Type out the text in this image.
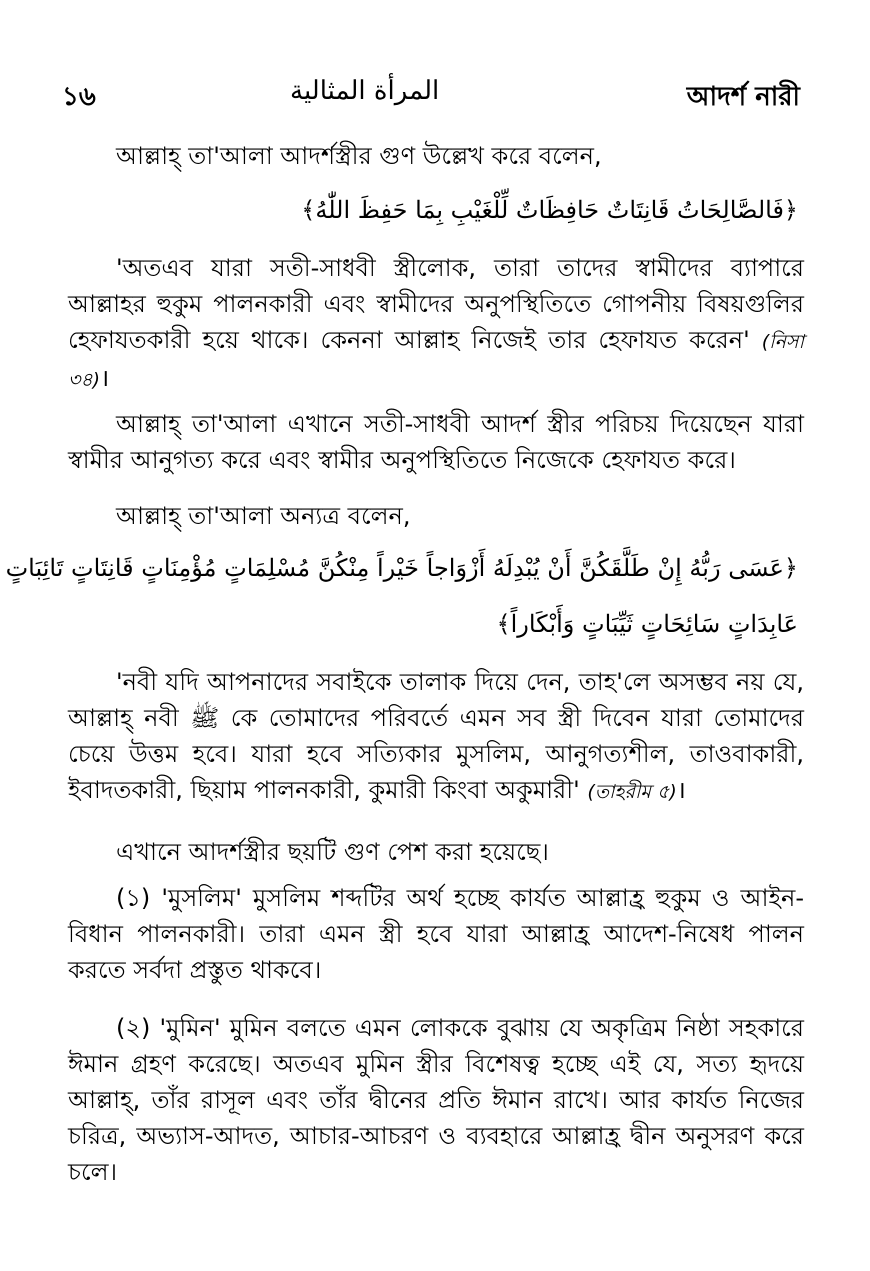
১৬	المرأة المثالية	আদর্শ নারী
আল্লাহ্ তা'আলা আদর্শস্ত্রীর গুণ উল্লেখ করে বলেন,
﴿فَالصَّالِحَاتُ قَانِتَاتٌ حَافِظَاتٌ لِّلْغَيْبِ بِمَا حَفِظَ اللّٰهُ﴾
'অতএব যারা সতী-সাধবী স্ত্রীলোক, তারা তাদের স্বামীদের ব্যাপারে আল্লাহর হুকুম পালনকারী এবং স্বামীদের অনুপস্থিতিতে গোপনীয় বিষয়গুলির হেফাযতকারী হয়ে থাকে। কেননা আল্লাহ নিজেই তার হেফাযত করেন' (নিসা ৩৪)।
আল্লাহ্ তা'আলা এখানে সতী-সাধবী আদর্শ স্ত্রীর পরিচয় দিয়েছেন যারা স্বামীর আনুগত্য করে এবং স্বামীর অনুপস্থিতিতে নিজেকে হেফাযত করে।
আল্লাহ্ তা'আলা অন্যত্র বলেন,
﴿عَسَى رَبُّهُ إِنْ طَلَّقَكُنَّ أَنْ يُبْدِلَهُ أَزْوَاجاً خَيْراً مِنْكُنَّ مُسْلِمَاتٍ مُؤْمِنَاتٍ قَانِتَاتٍ تَائِبَاتٍ
عَابِدَاتٍ سَائِحَاتٍ ثَيِّبَاتٍ وَأَبْكَاراً﴾
'নবী যদি আপনাদের সবাইকে তালাক দিয়ে দেন, তাহ'লে অসম্ভব নয় যে, আল্লাহ্ নবী ﷺ কে তোমাদের পরিবর্তে এমন সব স্ত্রী দিবেন যারা তোমাদের চেয়ে উত্তম হবে। যারা হবে সত্যিকার মুসলিম, আনুগত্যশীল, তাওবাকারী, ইবাদতকারী, ছিয়াম পালনকারী, কুমারী কিংবা অকুমারী' (তাহরীম ৫)।
এখানে আদর্শস্ত্রীর ছয়টি গুণ পেশ করা হয়েছে।
(১) 'মুসলিম' মুসলিম শব্দটির অর্থ হচ্ছে কার্যত আল্লাহ্র হুকুম ও আইন-বিধান পালনকারী। তারা এমন স্ত্রী হবে যারা আল্লাহ্র আদেশ-নিষেধ পালন করতে সর্বদা প্রস্তুত থাকবে।
(২) 'মুমিন' মুমিন বলতে এমন লোককে বুঝায় যে অকৃত্রিম নিষ্ঠা সহকারে ঈমান গ্রহণ করেছে। অতএব মুমিন স্ত্রীর বিশেষত্ব হচ্ছে এই যে, সত্য হৃদয়ে আল্লাহ্, তাঁর রাসূল এবং তাঁর দ্বীনের প্রতি ঈমান রাখে। আর কার্যত নিজের চরিত্র, অভ্যাস-আদত, আচার-আচরণ ও ব্যবহারে আল্লাহ্র দ্বীন অনুসরণ করে চলে।
